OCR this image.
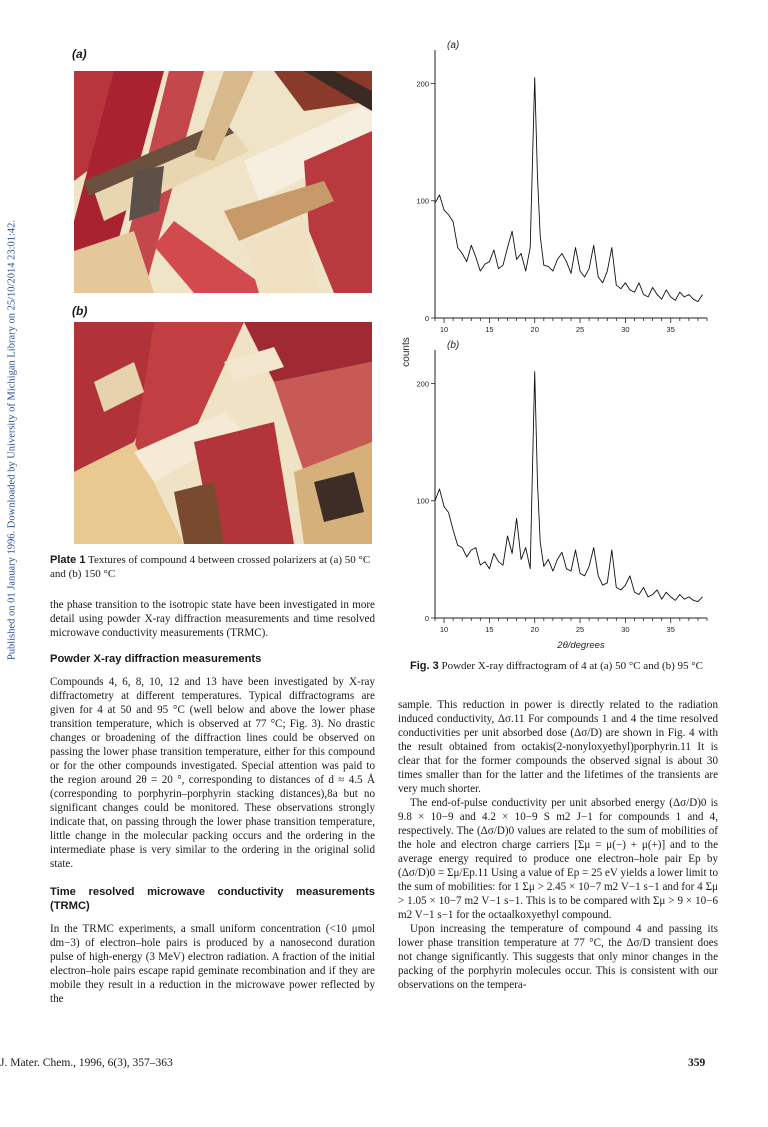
Published on 01 January 1996. Downloaded by University of Michigan Library on 25/10/2014 23:01:42.
(a)
(b)
Plate 1 Textures of compound 4 between crossed polarizers at (a) 50 °C and (b) 150 °C

the phase transition to the isotropic state have been investigated in more detail using powder X-ray diffraction measurements and time resolved microwave conductivity measurements (TRMC).

Powder X-ray diffraction measurements

Compounds 4, 6, 8, 10, 12 and 13 have been investigated by X-ray diffractometry at different temperatures. Typical diffractograms are given for 4 at 50 and 95 °C (well below and above the lower phase transition temperature, which is observed at 77 °C; Fig. 3). No drastic changes or broadening of the diffraction lines could be observed on passing the lower phase transition temperature, either for this compound or for the other compounds investigated. Special attention was paid to the region around 2θ = 20 °, corresponding to distances of d ≈ 4.5 Å (corresponding to porphyrin–porphyrin stacking distances),8a but no significant changes could be monitored. These observations strongly indicate that, on passing through the lower phase transition temperature, little change in the molecular packing occurs and the ordering in the intermediate phase is very similar to the ordering in the original solid state.

Time resolved microwave conductivity measurements (TRMC)

In the TRMC experiments, a small uniform concentration (<10 μmol dm−3) of electron–hole pairs is produced by a nanosecond duration pulse of high-energy (3 MeV) electron radiation. A fraction of the initial electron–hole pairs escape rapid geminate recombination and if they are mobile they result in a reduction in the microwave power reflected by the

10	15	20	25	30	35
0
100
200
(a)
10	15	20	25	30	35
0
100
200
(b)
2θ/degrees
counts
Fig. 3 Powder X-ray diffractogram of 4 at (a) 50 °C and (b) 95 °C

sample. This reduction in power is directly related to the radiation induced conductivity, Δσ.11 For compounds 1 and 4 the time resolved conductivities per unit absorbed dose (Δσ/D) are shown in Fig. 4 with the result obtained from octakis(2-nonyloxyethyl)porphyrin.11 It is clear that for the former compounds the observed signal is about 30 times smaller than for the latter and the lifetimes of the transients are very much shorter.

The end-of-pulse conductivity per unit absorbed energy (Δσ/D)0 is 9.8 × 10−9 and 4.2 × 10−9 S m2 J−1 for compounds 1 and 4, respectively. The (Δσ/D)0 values are related to the sum of mobilities of the hole and electron charge carriers [Σμ = μ(−) + μ(+)] and to the average energy required to produce one electron–hole pair Ep by (Δσ/D)0 = Σμ/Ep.11 Using a value of Ep = 25 eV yields a lower limit to the sum of mobilities: for 1 Σμ > 2.45 × 10−7 m2 V−1 s−1 and for 4 Σμ > 1.05 × 10−7 m2 V−1 s−1. This is to be compared with Σμ > 9 × 10−6 m2 V−1 s−1 for the octaalkoxyethyl compound.

Upon increasing the temperature of compound 4 and passing its lower phase transition temperature at 77 °C, the Δσ/D transient does not change significantly. This suggests that only minor changes in the packing of the porphyrin molecules occur. This is consistent with our observations on the tempera-

J. Mater. Chem., 1996, 6(3), 357–363	359
